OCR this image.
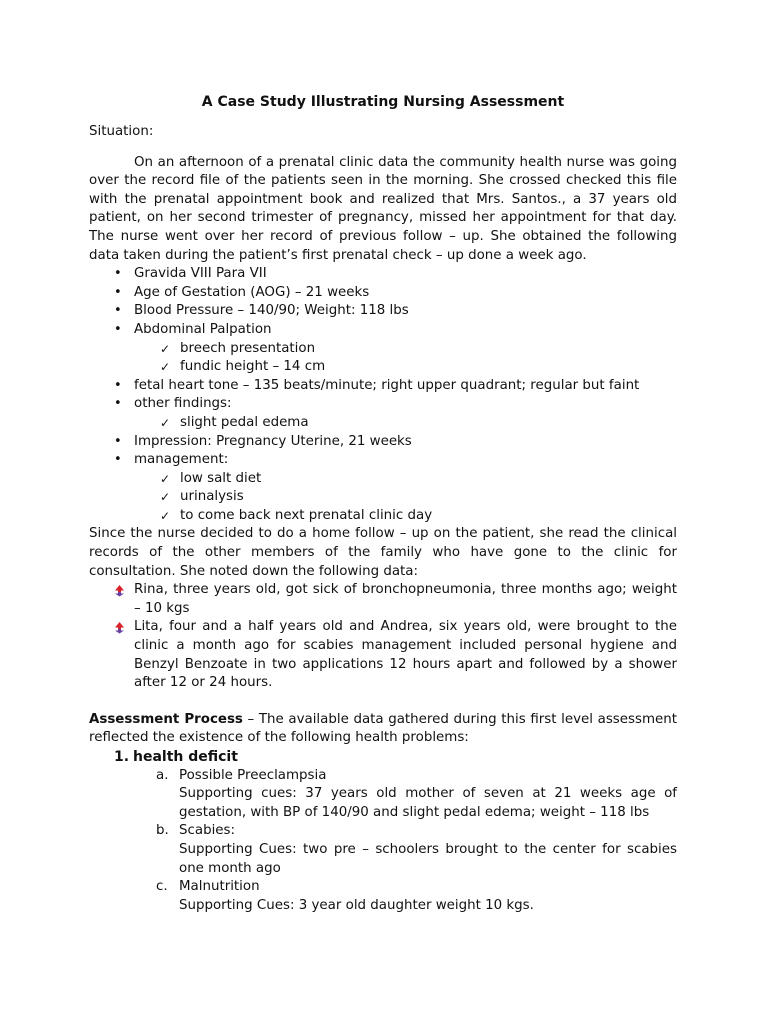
A Case Study Illustrating Nursing Assessment

Situation:

On an afternoon of a prenatal clinic data the community health nurse was going over the record file of the patients seen in the morning. She crossed checked this file with the prenatal appointment book and realized that Mrs. Santos., a 37 years old patient, on her second trimester of pregnancy, missed her appointment for that day. The nurse went over her record of previous follow – up. She obtained the following data taken during the patient’s first prenatal check – up done a week ago.

• Gravida VIII Para VII
• Age of Gestation (AOG) – 21 weeks
• Blood Pressure – 140/90; Weight: 118 lbs
• Abdominal Palpation
✓ breech presentation
✓ fundic height – 14 cm
• fetal heart tone – 135 beats/minute; right upper quadrant; regular but faint
• other findings:
✓ slight pedal edema
• Impression: Pregnancy Uterine, 21 weeks
• management:
✓ low salt diet
✓ urinalysis
✓ to come back next prenatal clinic day

Since the nurse decided to do a home follow – up on the patient, she read the clinical records of the other members of the family who have gone to the clinic for consultation. She noted down the following data:

Rina, three years old, got sick of bronchopneumonia, three months ago; weight – 10 kgs
Lita, four and a half years old and Andrea, six years old, were brought to the clinic a month ago for scabies management included personal hygiene and Benzyl Benzoate in two applications 12 hours apart and followed by a shower after 12 or 24 hours.

Assessment Process – The available data gathered during this first level assessment reflected the existence of the following health problems:

1. health deficit
a. Possible Preeclampsia
Supporting cues: 37 years old mother of seven at 21 weeks age of gestation, with BP of 140/90 and slight pedal edema; weight – 118 lbs
b. Scabies:
Supporting Cues: two pre – schoolers brought to the center for scabies one month ago
c. Malnutrition
Supporting Cues: 3 year old daughter weight 10 kgs.
